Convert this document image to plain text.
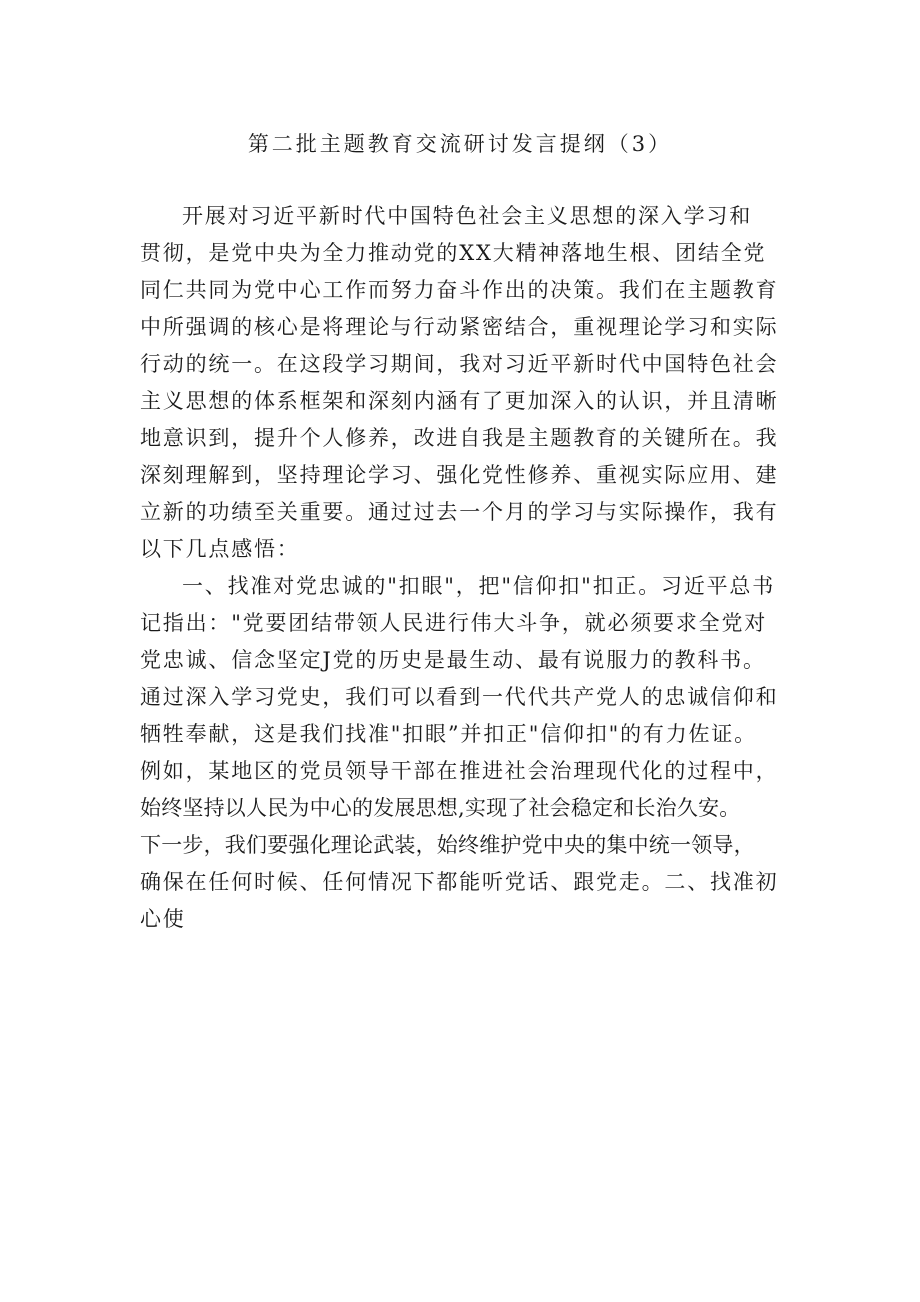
第二批主题教育交流研讨发言提纲（3）
开展对习近平新时代中国特色社会主义思想的深入学习和
贯彻，是党中央为全力推动党的XX大精神落地生根、团结全党
同仁共同为党中心工作而努力奋斗作出的决策。我们在主题教育
中所强调的核心是将理论与行动紧密结合，重视理论学习和实际
行动的统一。在这段学习期间，我对习近平新时代中国特色社会
主义思想的体系框架和深刻内涵有了更加深入的认识，并且清晰
地意识到，提升个人修养，改进自我是主题教育的关键所在。我
深刻理解到，坚持理论学习、强化党性修养、重视实际应用、建
立新的功绩至关重要。通过过去一个月的学习与实际操作，我有
以下几点感悟：
一、找准对党忠诚的"扣眼"，把"信仰扣"扣正。习近平总书
记指出："党要团结带领人民进行伟大斗争，就必须要求全党对
党忠诚、信念坚定J党的历史是最生动、最有说服力的教科书。
通过深入学习党史，我们可以看到一代代共产党人的忠诚信仰和
牺牲奉献，这是我们找准"扣眼”并扣正"信仰扣"的有力佐证。
例如，某地区的党员领导干部在推进社会治理现代化的过程中，
始终坚持以人民为中心的发展思想,实现了社会稳定和长治久安。
下一步，我们要强化理论武装，始终维护党中央的集中统一领导，
确保在任何时候、任何情况下都能听党话、跟党走。二、找准初
心使
